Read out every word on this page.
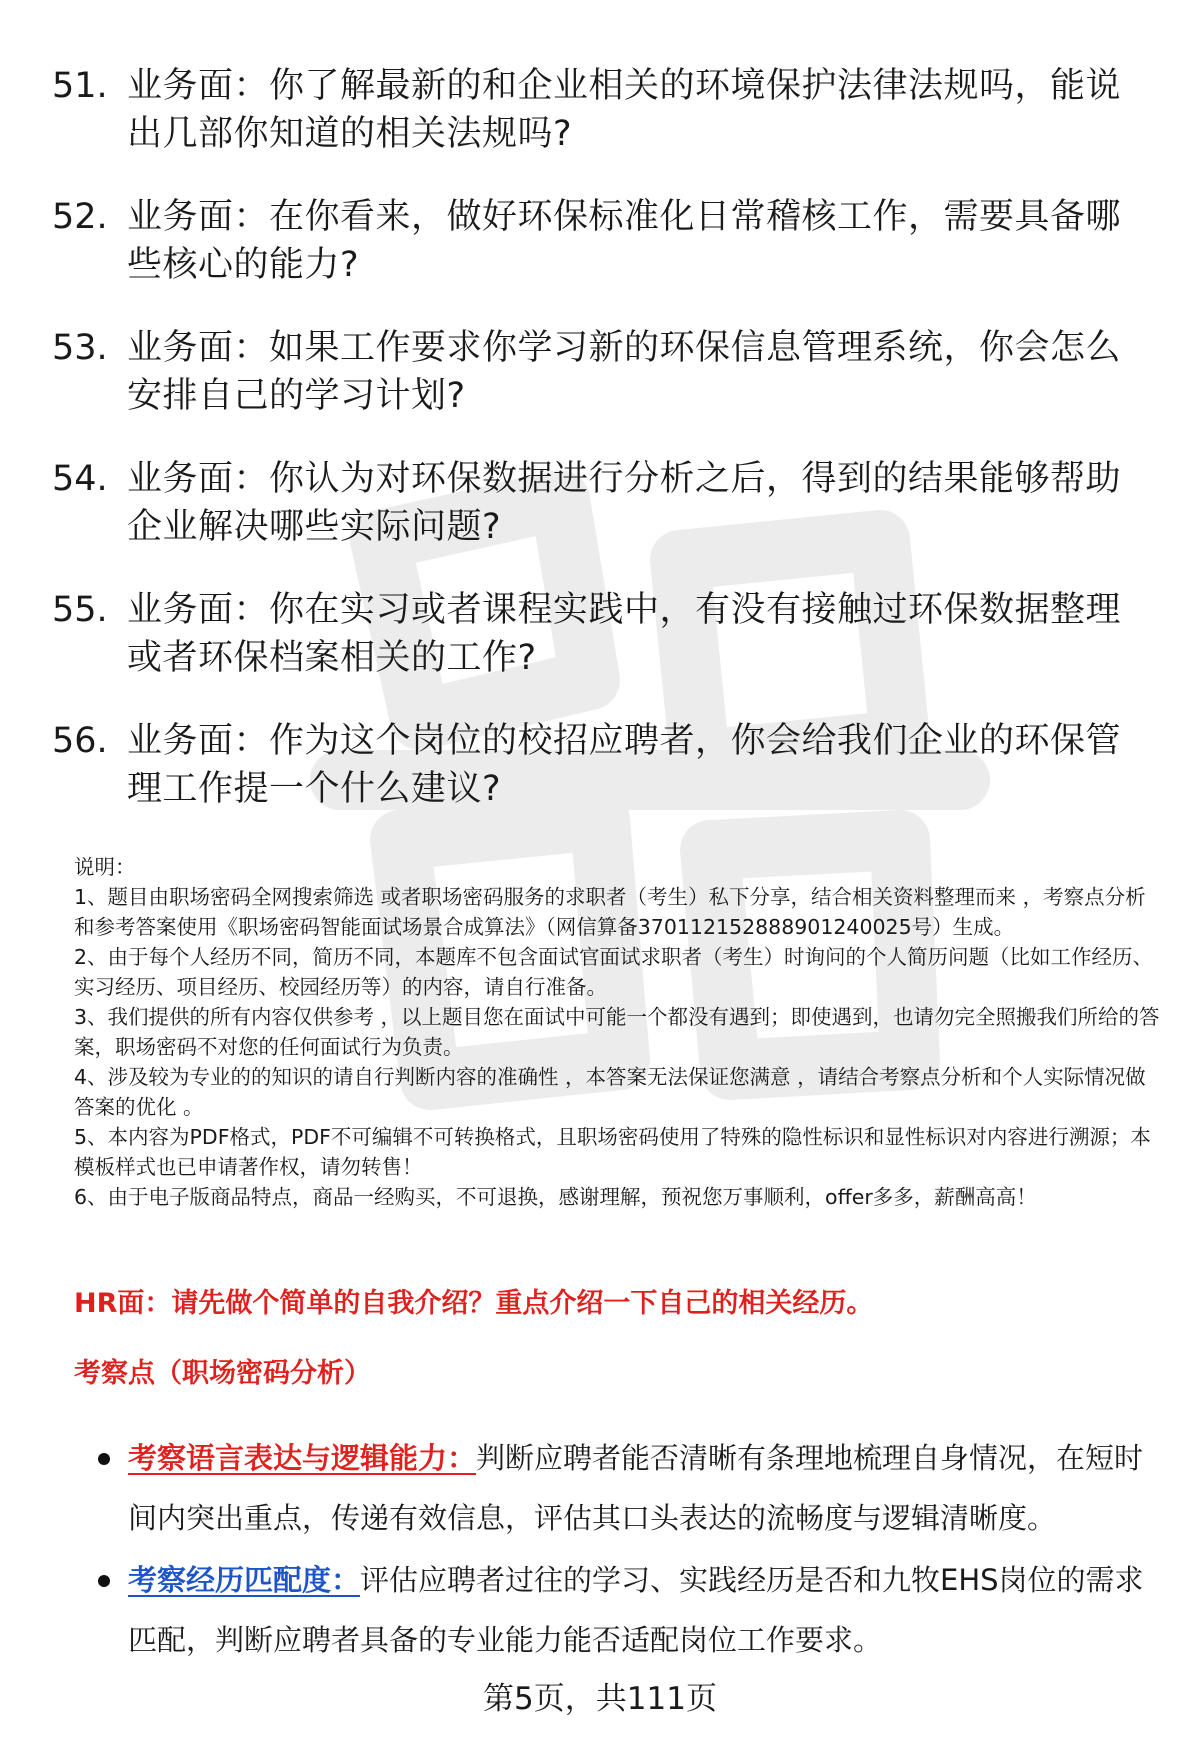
51. 业务面：你了解最新的和企业相关的环境保护法律法规吗，能说出几部你知道的相关法规吗?
52. 业务面：在你看来，做好环保标准化日常稽核工作，需要具备哪些核心的能力?
53. 业务面：如果工作要求你学习新的环保信息管理系统，你会怎么安排自己的学习计划?
54. 业务面：你认为对环保数据进行分析之后，得到的结果能够帮助企业解决哪些实际问题?
55. 业务面：你在实习或者课程实践中，有没有接触过环保数据整理或者环保档案相关的工作?
56. 业务面：作为这个岗位的校招应聘者，你会给我们企业的环保管理工作提一个什么建议?

说明：

1、题目由职场密码全网搜索筛选 或者职场密码服务的求职者（考生）私下分享，结合相关资料整理而来 ，考察点分析和参考答案使用《职场密码智能面试场景合成算法》（网信算备370112152888901240025号）生成。

2、由于每个人经历不同，简历不同，本题库不包含面试官面试求职者（考生）时询问的个人简历问题（比如工作经历、实习经历、项目经历、校园经历等）的内容，请自行准备。

3、我们提供的所有内容仅供参考 ，以上题目您在面试中可能一个都没有遇到；即使遇到，也请勿完全照搬我们所给的答案，职场密码不对您的任何面试行为负责。

4、涉及较为专业的的知识的请自行判断内容的准确性 ，本答案无法保证您满意 ，请结合考察点分析和个人实际情况做答案的优化 。

5、本内容为PDF格式，PDF不可编辑不可转换格式，且职场密码使用了特殊的隐性标识和显性标识对内容进行溯源；本模板样式也已申请著作权，请勿转售！

6、由于电子版商品特点，商品一经购买，不可退换，感谢理解，预祝您万事顺利，offer多多，薪酬高高！

HR面：请先做个简单的自我介绍？重点介绍一下自己的相关经历。
考察点（职场密码分析）
考察语言表达与逻辑能力：判断应聘者能否清晰有条理地梳理自身情况，在短时间内突出重点，传递有效信息，评估其口头表达的流畅度与逻辑清晰度。
考察经历匹配度：评估应聘者过往的学习、实践经历是否和九牧EHS岗位的需求匹配，判断应聘者具备的专业能力能否适配岗位工作要求。
第5页，共111页
